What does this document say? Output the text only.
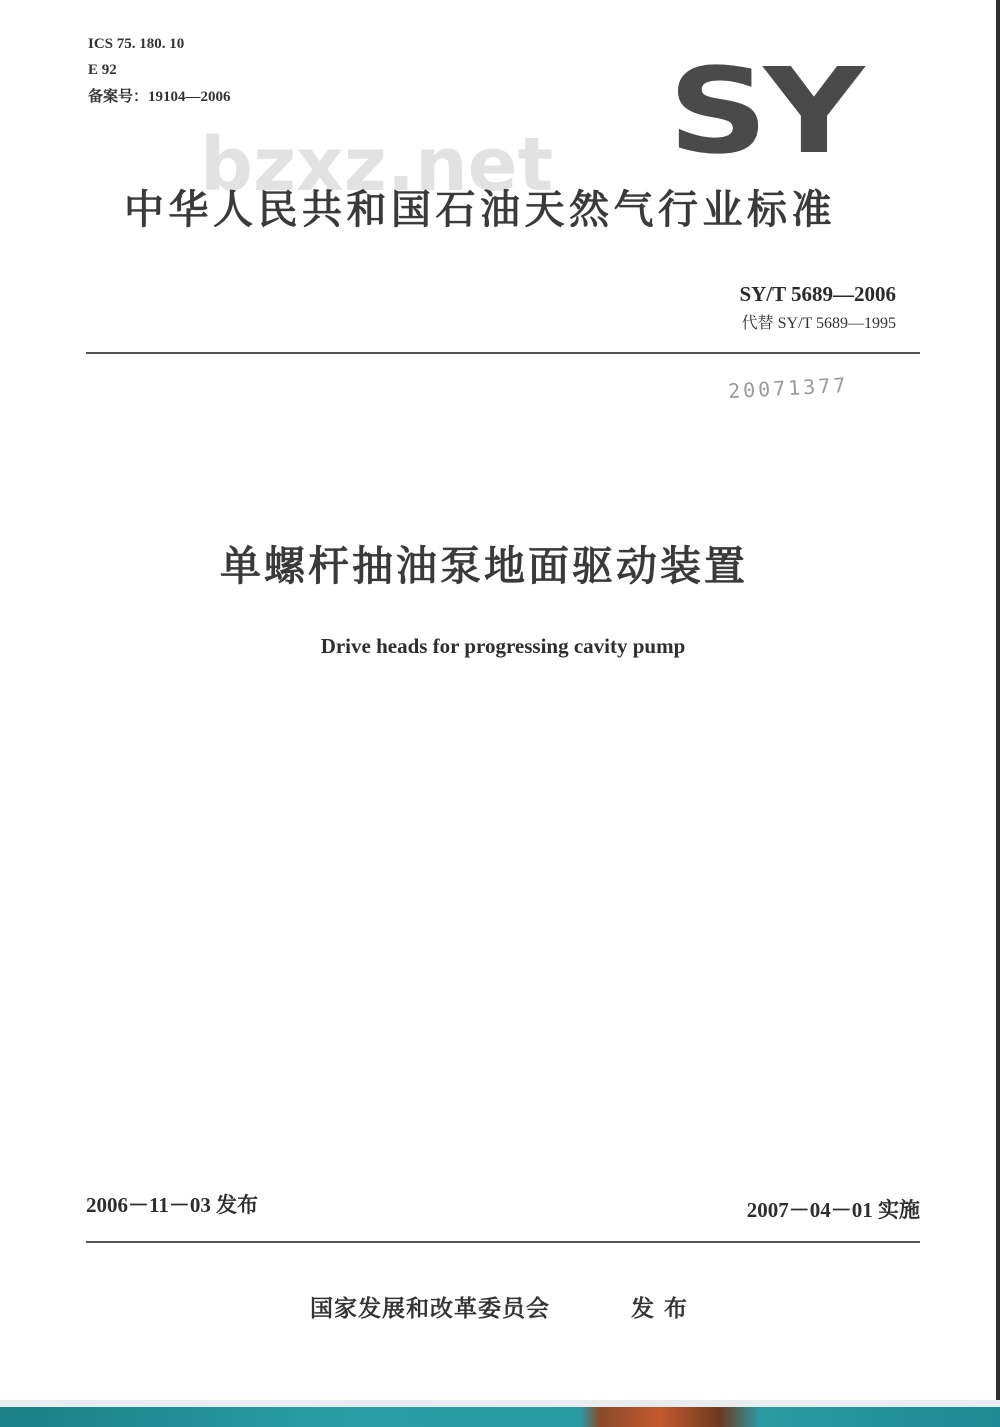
ICS 75. 180. 10
E 92
备案号：19104—2006	SY
bzxz.net
中华人民共和国石油天然气行业标准
SY/T 5689—2006
代替 SY/T 5689—1995
20071377
单螺杆抽油泵地面驱动装置
Drive heads for progressing cavity pump
2006－11－03 发布	2007－04－01 实施
国家发展和改革委员会	发布
